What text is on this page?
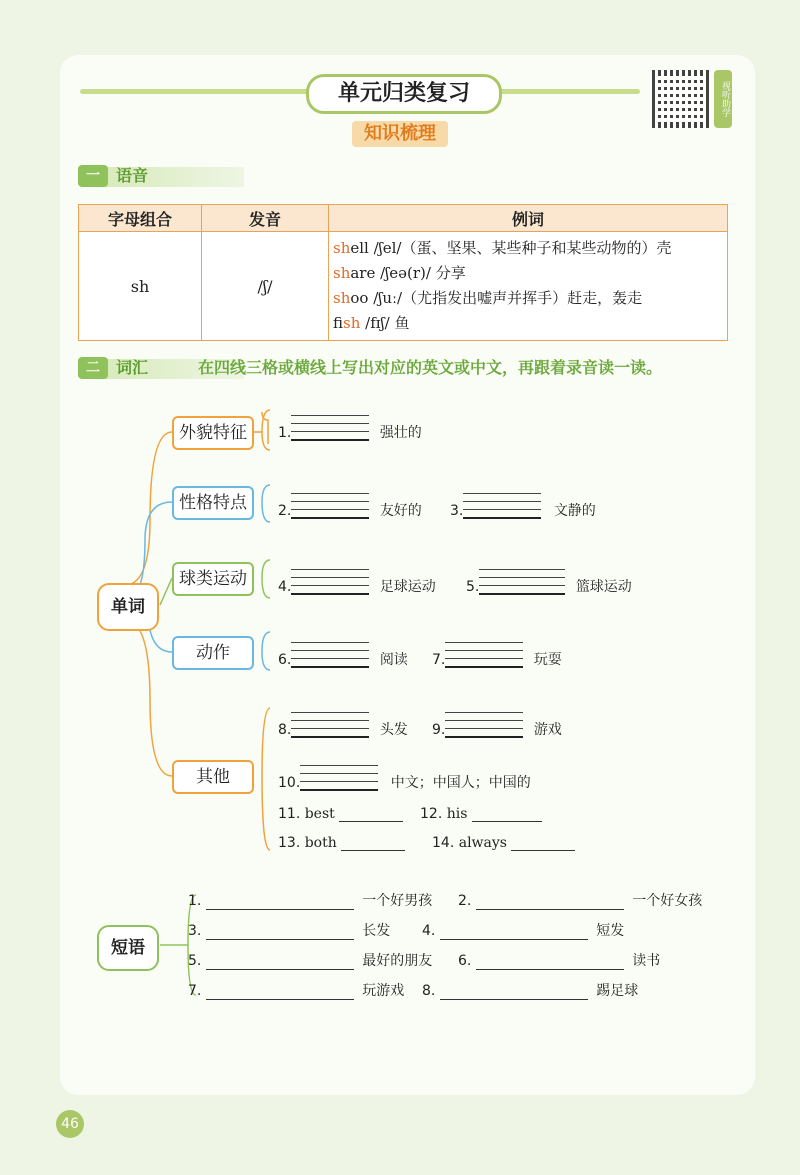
单元归类复习	视听助学
知识梳理
一	语音
字母组合	发音	例词
sh	/ʃ/	shell /ʃel/（蛋、坚果、某些种子和某些动物的）壳
share /ʃeə(r)/ 分享
shoo /ʃuː/（尤指发出嘘声并挥手）赶走，轰走
fish /fɪʃ/ 鱼
二	词汇	在四线三格或横线上写出对应的英文或中文，再跟着录音读一读。
单词
外貌特征
性格特点
球类运动
动作
其他
1.	强壮的
2.	友好的 3.	文静的
4.	足球运动 5.	篮球运动
6.	阅读 7.	玩耍
8.	头发 9.	游戏
10.	中文；中国人；中国的
11. best	12. his
13. both	14. always
短语
1.	一个好男孩 2.	一个好女孩
3.	长发 4.	短发
5.	最好的朋友 6.	读书
7.	玩游戏 8.	踢足球
46
